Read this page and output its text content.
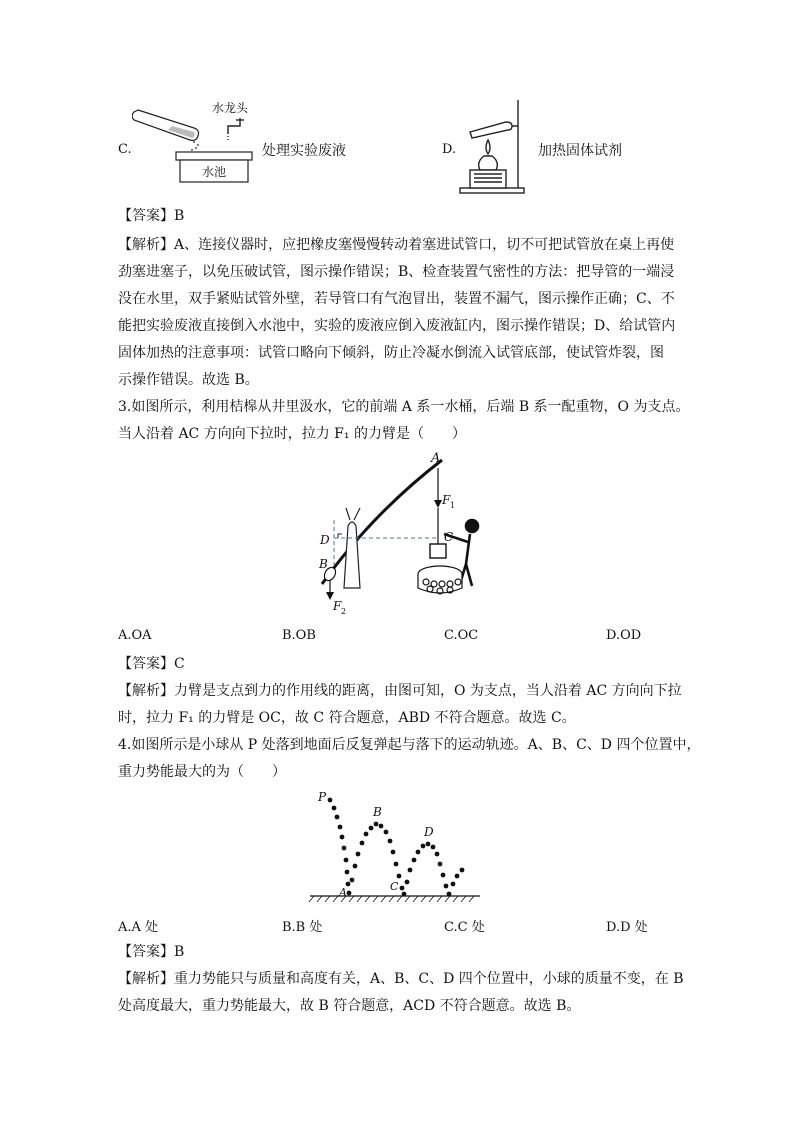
C.
水龙头
水池
处理实验废液	D.	加热固体试剂
【答案】B
【解析】A、连接仪器时，应把橡皮塞慢慢转动着塞进试管口，切不可把试管放在桌上再使
劲塞进塞子，以免压破试管，图示操作错误；B、检查装置气密性的方法：把导管的一端浸
没在水里，双手紧贴试管外壁，若导管口有气泡冒出，装置不漏气，图示操作正确；C、不
能把实验废液直接倒入水池中，实验的废液应倒入废液缸内，图示操作错误；D、给试管内
固体加热的注意事项：试管口略向下倾斜，防止冷凝水倒流入试管底部，使试管炸裂，图
示操作错误。故选 B。
3.如图所示，利用桔槔从井里汲水，它的前端 A 系一水桶，后端 B 系一配重物，O 为支点。
当人沿着 AC 方向向下拉时，拉力 F₁ 的力臂是（　　）
A
F 1
C
D
B
F 2
A.OA	B.OB	C.OC	D.OD
【答案】C
【解析】力臂是支点到力的作用线的距离，由图可知，O 为支点，当人沿着 AC 方向向下拉
时，拉力 F₁ 的力臂是 OC，故 C 符合题意，ABD 不符合题意。故选 C。
4.如图所示是小球从 P 处落到地面后反复弹起与落下的运动轨迹。A、B、C、D 四个位置中，
重力势能最大的为（　　）
P
A
B
C
D
A.A 处	B.B 处	C.C 处	D.D 处
【答案】B
【解析】重力势能只与质量和高度有关，A、B、C、D 四个位置中，小球的质量不变，在 B
处高度最大，重力势能最大，故 B 符合题意，ACD 不符合题意。故选 B。
